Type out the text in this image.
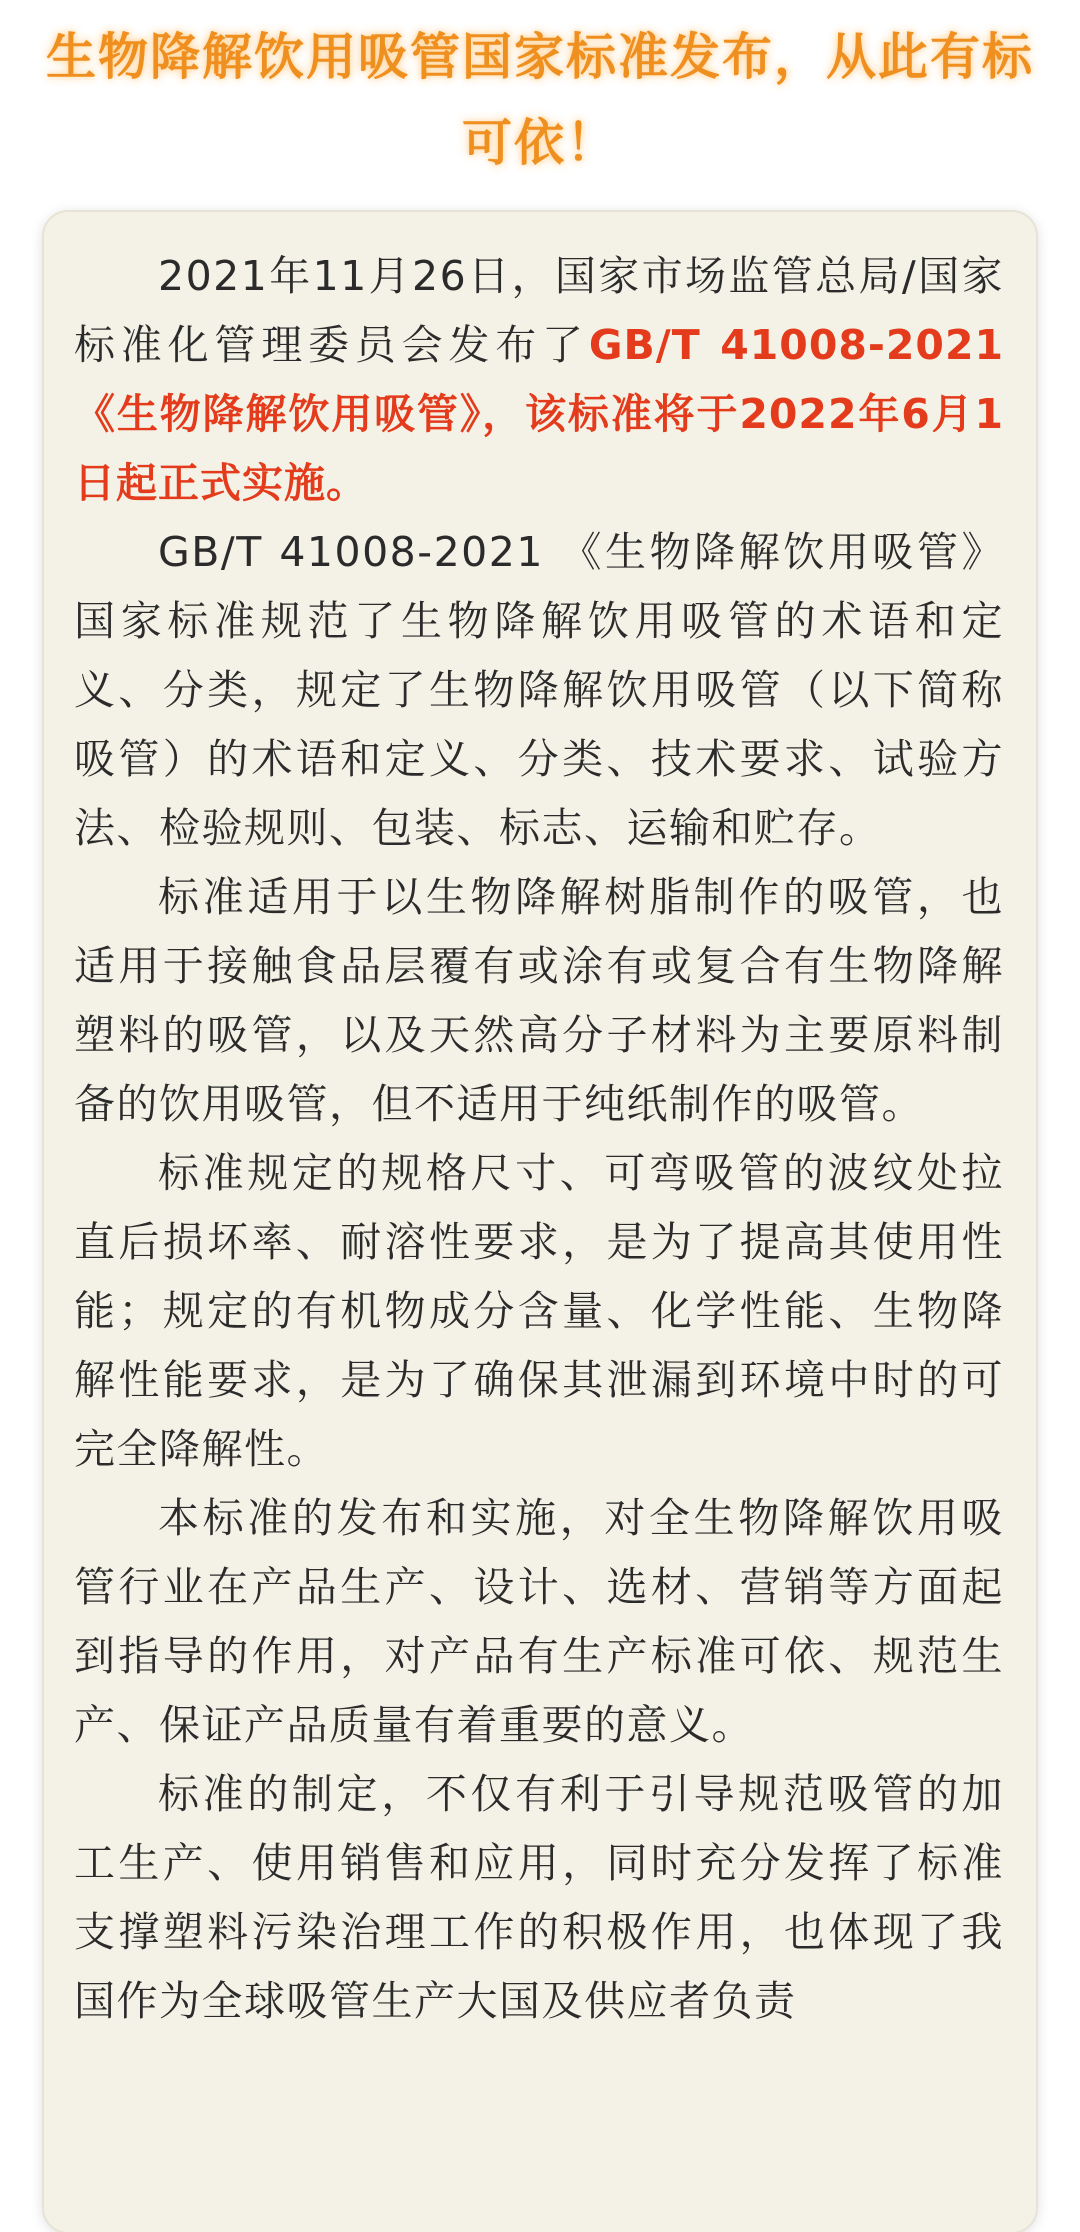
生物降解饮用吸管国家标准发布，从此有标可依！

2021年11月26日，国家市场监管总局/国家标准化管理委员会发布了GB/T 41008-2021《生物降解饮用吸管》，该标准将于2022年6月1日起正式实施。

GB/T 41008-2021 《生物降解饮用吸管》国家标准规范了生物降解饮用吸管的术语和定义、分类，规定了生物降解饮用吸管（以下简称吸管）的术语和定义、分类、技术要求、试验方法、检验规则、包装、标志、运输和贮存。

标准适用于以生物降解树脂制作的吸管，也适用于接触食品层覆有或涂有或复合有生物降解塑料的吸管，以及天然高分子材料为主要原料制备的饮用吸管，但不适用于纯纸制作的吸管。

标准规定的规格尺寸、可弯吸管的波纹处拉直后损坏率、耐溶性要求，是为了提高其使用性能；规定的有机物成分含量、化学性能、生物降解性能要求，是为了确保其泄漏到环境中时的可完全降解性。

本标准的发布和实施，对全生物降解饮用吸管行业在产品生产、设计、选材、营销等方面起到指导的作用，对产品有生产标准可依、规范生产、保证产品质量有着重要的意义。

标准的制定，不仅有利于引导规范吸管的加工生产、使用销售和应用，同时充分发挥了标准支撑塑料污染治理工作的积极作用，也体现了我国作为全球吸管生产大国及供应者负责
